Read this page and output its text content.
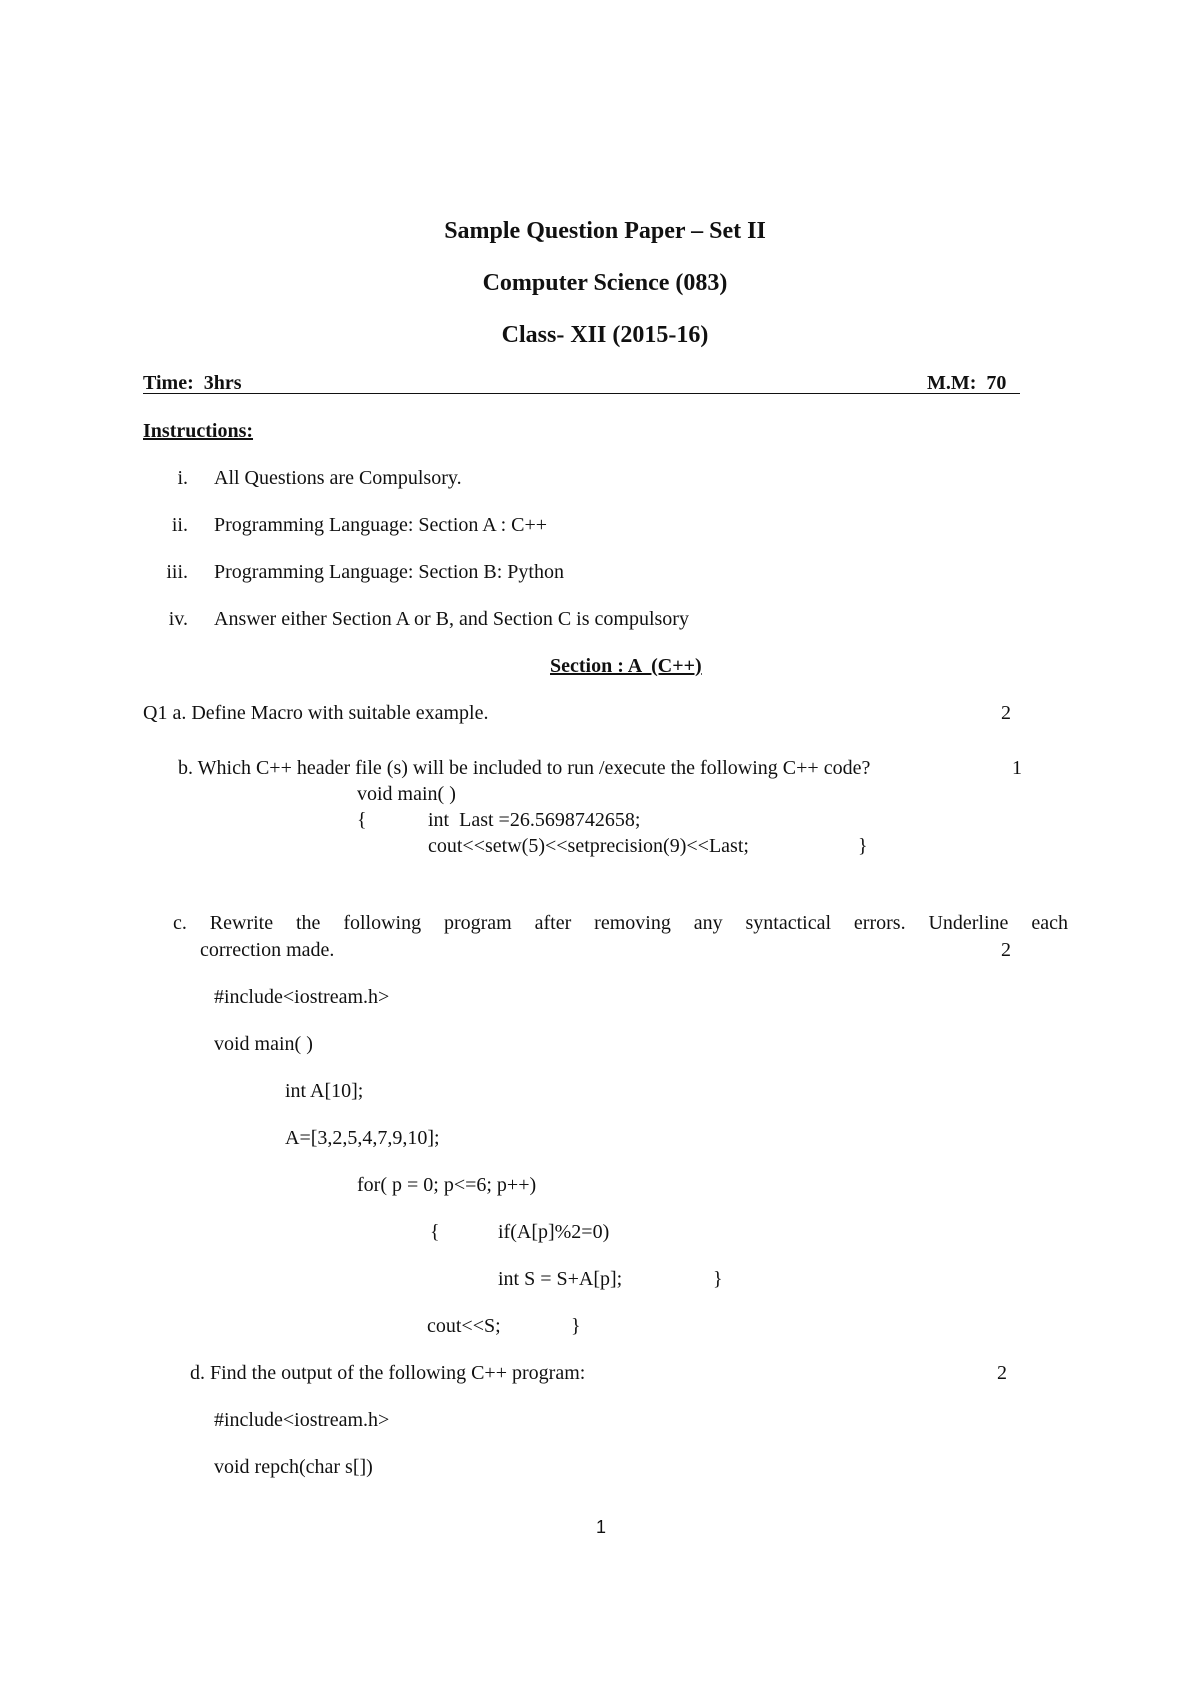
Sample Question Paper – Set II
Computer Science (083)
Class- XII (2015-16)
Time:  3hrs	M.M:  70
Instructions:
i. All Questions are Compulsory.
ii. Programming Language: Section A : C++
iii. Programming Language: Section B: Python
iv. Answer either Section A or B, and Section C is compulsory
Section : A  (C++)
Q1 a. Define Macro with suitable example.	2
b. Which C++ header file (s) will be included to run /execute the following C++ code?	1
void main( )
{	int  Last =26.5698742658;
cout<<setw(5)<<setprecision(9)<<Last;	}
c. Rewrite the following program after removing any syntactical errors. Underline each
correction made.	2
#include<iostream.h>
void main( )
int A[10];
A=[3,2,5,4,7,9,10];
for( p = 0; p<=6; p++)
{	if(A[p]%2=0)
int S = S+A[p];	}
cout<<S;	}
d. Find the output of the following C++ program:	2
#include<iostream.h>
void repch(char s[])
1
